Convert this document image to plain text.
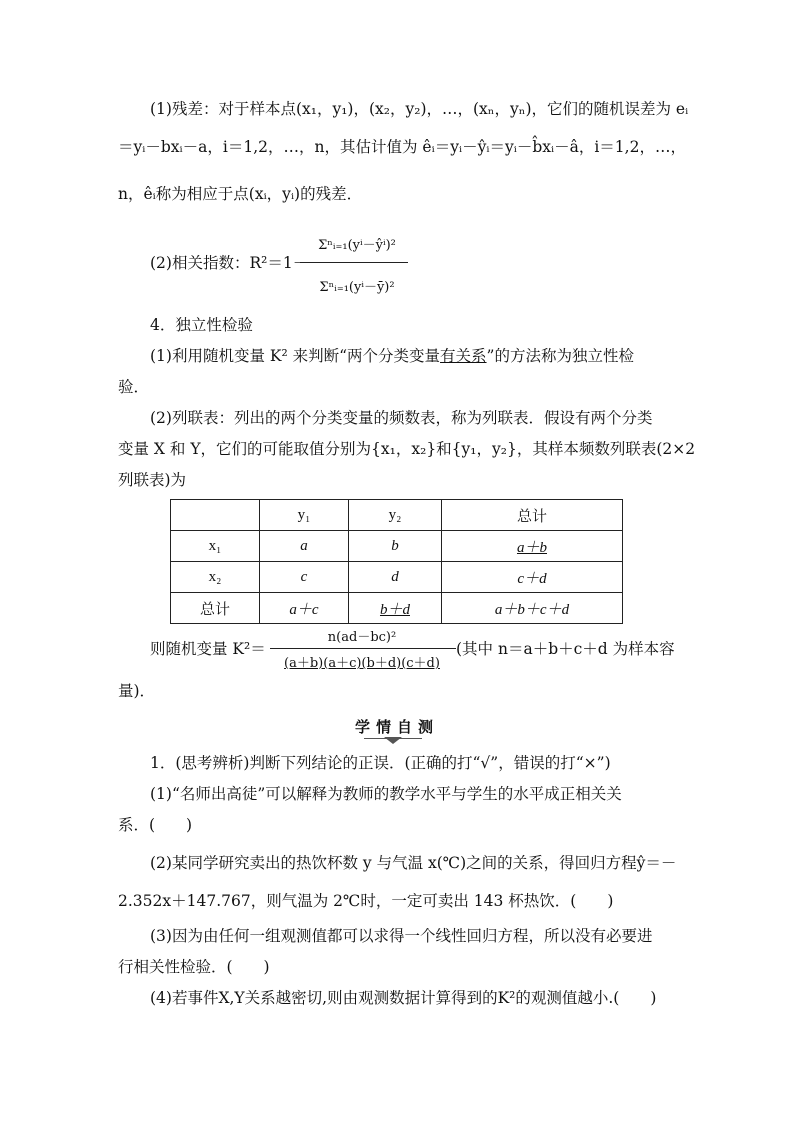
(1)残差：对于样本点(x₁，y₁)，(x₂，y₂)，…，(xₙ，yₙ)，它们的随机误差为 eᵢ
＝yᵢ－bxᵢ－a，i＝1,2，…，n，其估计值为 êᵢ＝yᵢ－ŷᵢ＝yᵢ－b̂xᵢ－â，i＝1,2，…，
n，êᵢ称为相应于点(xᵢ，yᵢ)的残差．
(2)相关指数：R²＝1－
Σⁿᵢ₌₁(yⁱ－ŷⁱ)²
Σⁿᵢ₌₁(yⁱ－ȳ)²
4．独立性检验
(1)利用随机变量 K² 来判断“两个分类变量有关系”的方法称为独立性检
验．
(2)列联表：列出的两个分类变量的频数表，称为列联表．假设有两个分类
变量 X 和 Y，它们的可能取值分别为{x₁，x₂}和{y₁，y₂}，其样本频数列联表(2×2
列联表)为
	y₁	y₂	总计
x₁	a	b	a＋b
x₂	c	d	c＋d
总计	a＋c	b＋d	a＋b＋c＋d
则随机变量 K²＝
n(ad－bc)²
(a＋b)(a＋c)(b＋d)(c＋d)
(其中 n＝a＋b＋c＋d 为样本容
量)．
学情自测
1．(思考辨析)判断下列结论的正误．(正确的打“√”，错误的打“×”)
(1)“名师出高徒”可以解释为教师的教学水平与学生的水平成正相关关
系．(　　)
(2)某同学研究卖出的热饮杯数 y 与气温 x(℃)之间的关系，得回归方程ŷ＝－
2.352x＋147.767，则气温为 2℃时，一定可卖出 143 杯热饮．(　　)
(3)因为由任何一组观测值都可以求得一个线性回归方程，所以没有必要进
行相关性检验．(　　)
(4)若事件X,Y关系越密切,则由观测数据计算得到的K²的观测值越小.(　　)
